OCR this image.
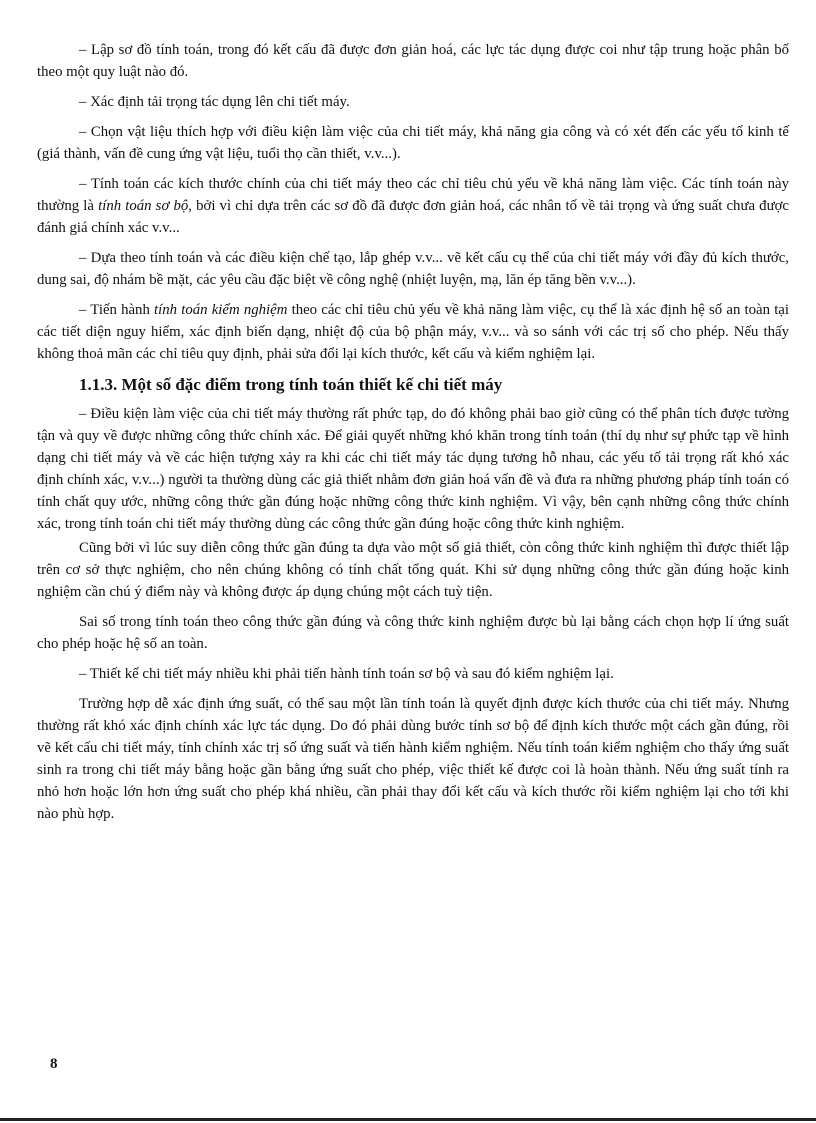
– Lập sơ đồ tính toán, trong đó kết cấu đã được đơn giản hoá, các lực tác dụng được coi như tập trung hoặc phân bố theo một quy luật nào đó.

– Xác định tải trọng tác dụng lên chi tiết máy.

– Chọn vật liệu thích hợp với điều kiện làm việc của chi tiết máy, khả năng gia công và có xét đến các yếu tố kinh tế (giá thành, vấn đề cung ứng vật liệu, tuổi thọ cần thiết, v.v...).

– Tính toán các kích thước chính của chi tiết máy theo các chỉ tiêu chủ yếu về khả năng làm việc. Các tính toán này thường là tính toán sơ bộ, bởi vì chỉ dựa trên các sơ đồ đã được đơn giản hoá, các nhân tố về tải trọng và ứng suất chưa được đánh giá chính xác v.v...

– Dựa theo tính toán và các điều kiện chế tạo, lắp ghép v.v... vẽ kết cấu cụ thể của chi tiết máy với đầy đủ kích thước, dung sai, độ nhám bề mặt, các yêu cầu đặc biệt về công nghệ (nhiệt luyện, mạ, lăn ép tăng bền v.v...).

– Tiến hành tính toán kiểm nghiệm theo các chỉ tiêu chủ yếu về khả năng làm việc, cụ thể là xác định hệ số an toàn tại các tiết diện nguy hiểm, xác định biến dạng, nhiệt độ của bộ phận máy, v.v... và so sánh với các trị số cho phép. Nếu thấy không thoả mãn các chỉ tiêu quy định, phải sửa đổi lại kích thước, kết cấu và kiểm nghiệm lại.

1.1.3. Một số đặc điểm trong tính toán thiết kế chi tiết máy

– Điều kiện làm việc của chi tiết máy thường rất phức tạp, do đó không phải bao giờ cũng có thể phân tích được tường tận và quy về được những công thức chính xác. Để giải quyết những khó khăn trong tính toán (thí dụ như sự phức tạp về hình dạng chi tiết máy và về các hiện tượng xảy ra khi các chi tiết máy tác dụng tương hỗ nhau, các yếu tố tải trọng rất khó xác định chính xác, v.v...) người ta thường dùng các giả thiết nhằm đơn giản hoá vấn đề và đưa ra những phương pháp tính toán có tính chất quy ước, những công thức gần đúng hoặc những công thức kinh nghiệm. Vì vậy, bên cạnh những công thức chính xác, trong tính toán chi tiết máy thường dùng các công thức gần đúng hoặc công thức kinh nghiệm.

Cũng bởi vì lúc suy diễn công thức gần đúng ta dựa vào một số giả thiết, còn công thức kinh nghiệm thì được thiết lập trên cơ sở thực nghiệm, cho nên chúng không có tính chất tổng quát. Khi sử dụng những công thức gần đúng hoặc kinh nghiệm cần chú ý điểm này và không được áp dụng chúng một cách tuỳ tiện.

Sai số trong tính toán theo công thức gần đúng và công thức kinh nghiệm được bù lại bằng cách chọn hợp lí ứng suất cho phép hoặc hệ số an toàn.

– Thiết kế chi tiết máy nhiều khi phải tiến hành tính toán sơ bộ và sau đó kiểm nghiệm lại.

Trường hợp dễ xác định ứng suất, có thể sau một lần tính toán là quyết định được kích thước của chi tiết máy. Nhưng thường rất khó xác định chính xác lực tác dụng. Do đó phải dùng bước tính sơ bộ để định kích thước một cách gần đúng, rồi vẽ kết cấu chi tiết máy, tính chính xác trị số ứng suất và tiến hành kiểm nghiệm. Nếu tính toán kiểm nghiệm cho thấy ứng suất sinh ra trong chi tiết máy bằng hoặc gần bằng ứng suất cho phép, việc thiết kế được coi là hoàn thành. Nếu ứng suất tính ra nhỏ hơn hoặc lớn hơn ứng suất cho phép khá nhiều, cần phải thay đổi kết cấu và kích thước rồi kiểm nghiệm lại cho tới khi nào phù hợp.

8
